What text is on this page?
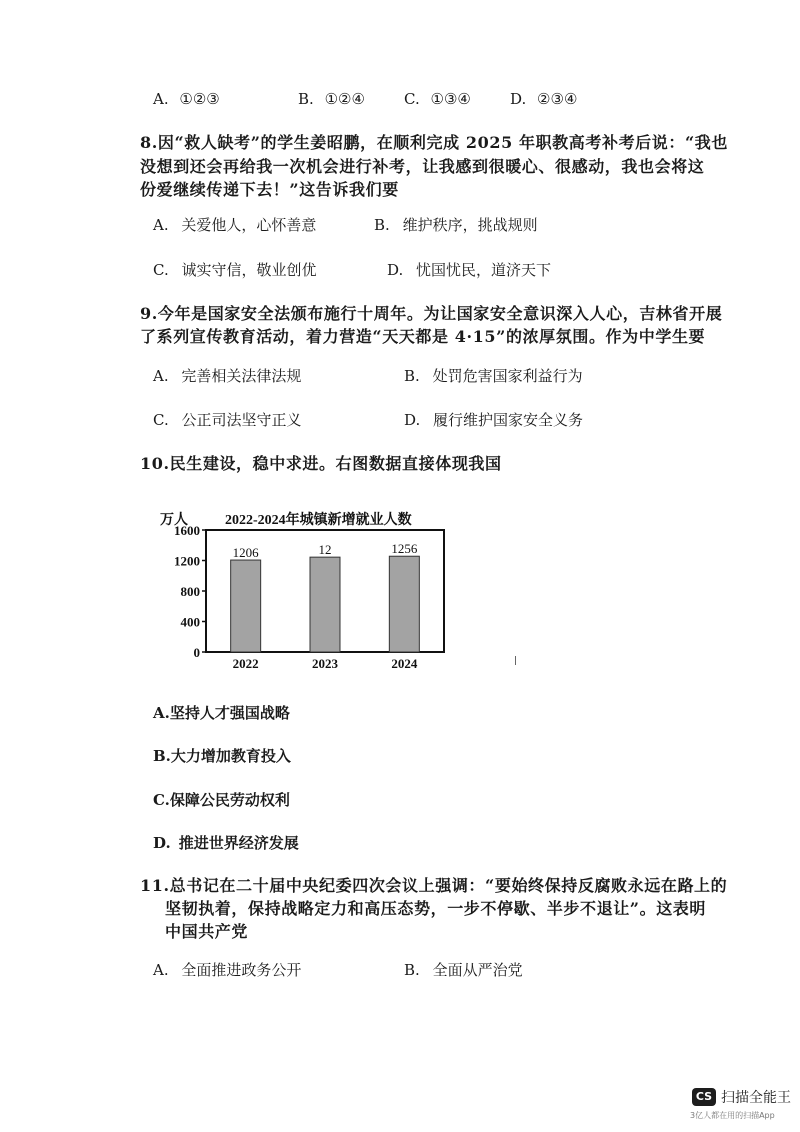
A. ①②③	B. ①②④	C. ①③④	D. ②③④
8.因“救人缺考”的学生姜昭鹏，在顺利完成 2025 年职教高考补考后说：“我也
没想到还会再给我一次机会进行补考，让我感到很暖心、很感动，我也会将这
份爱继续传递下去！”这告诉我们要
A. 关爱他人，心怀善意	B. 维护秩序，挑战规则
C. 诚实守信，敬业创优	D. 忧国忧民，道济天下
9.今年是国家安全法颁布施行十周年。为让国家安全意识深入人心，吉林省开展
了系列宣传教育活动，着力营造“天天都是 4·15”的浓厚氛围。作为中学生要
A. 完善相关法律法规	B. 处罚危害国家利益行为
C. 公正司法坚守正义	D. 履行维护国家安全义务
10.民生建设，稳中求进。右图数据直接体现我国
万人	2022-2024年城镇新增就业人数
1600
1200
800
400
0
1206	12	1256
2022	2023	2024
A.坚持人才强国战略
B.大力增加教育投入
C.保障公民劳动权利
D. 推进世界经济发展
11.总书记在二十届中央纪委四次会议上强调：“要始终保持反腐败永远在路上的
坚韧执着，保持战略定力和高压态势，一步不停歇、半步不退让”。这表明
中国共产党
A. 全面推进政务公开	B. 全面从严治党
CS 扫描全能王
3亿人都在用的扫描App
